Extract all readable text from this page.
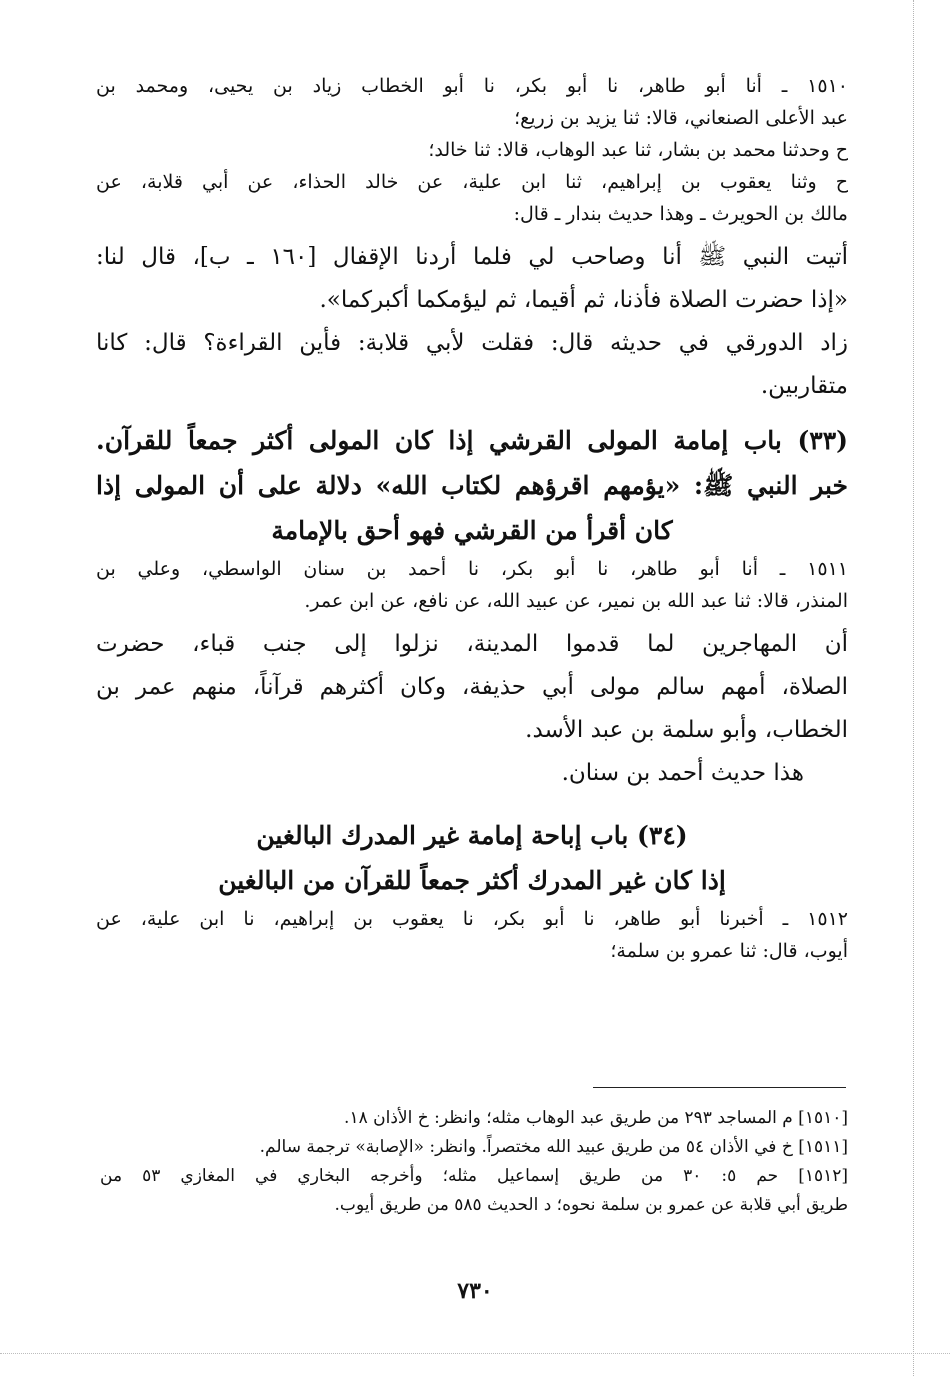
١٥١٠ ـ أنا أبو طاهر، نا أبو بكر، نا أبو الخطاب زياد بن يحيى، ومحمد بن
عبد الأعلى الصنعاني، قالا: ثنا يزيد بن زريع؛
ح وحدثنا محمد بن بشار، ثنا عبد الوهاب، قالا: ثنا خالد؛
ح وثنا يعقوب بن إبراهيم، ثنا ابن علية، عن خالد الحذاء، عن أبي قلابة، عن
مالك بن الحويرث ـ وهذا حديث بندار ـ قال:
أتيت النبي ﷺ أنا وصاحب لي فلما أردنا الإقفال [١٦٠ ـ ب]، قال لنا:
«إذا حضرت الصلاة فأذنا، ثم أقيما، ثم ليؤمكما أكبركما».
زاد الدورقي في حديثه قال: فقلت لأبي قلابة: فأين القراءة؟ قال: كانا
متقاربين.
(٣٣) باب إمامة المولى القرشي إذا كان المولى أكثر جمعاً للقرآن.
خبر النبي ﷺ: «يؤمهم اقرؤهم لكتاب الله» دلالة على أن المولى إذا
كان أقرأ من القرشي فهو أحق بالإمامة
١٥١١ ـ أنا أبو طاهر، نا أبو بكر، نا أحمد بن سنان الواسطي، وعلي بن
المنذر، قالا: ثنا عبد الله بن نمير، عن عبيد الله، عن نافع، عن ابن عمر.
أن المهاجرين لما قدموا المدينة، نزلوا إلى جنب قباء، حضرت
الصلاة، أمهم سالم مولى أبي حذيفة، وكان أكثرهم قرآناً، منهم عمر بن
الخطاب، وأبو سلمة بن عبد الأسد.
هذا حديث أحمد بن سنان.
(٣٤) باب إباحة إمامة غير المدرك البالغين
إذا كان غير المدرك أكثر جمعاً للقرآن من البالغين
١٥١٢ ـ أخبرنا أبو طاهر، نا أبو بكر، نا يعقوب بن إبراهيم، نا ابن علية، عن
أيوب، قال: ثنا عمرو بن سلمة؛
[١٥١٠] م المساجد ٢٩٣ من طريق عبد الوهاب مثله؛ وانظر: خ الأذان ١٨.
[١٥١١] خ في الأذان ٥٤ من طريق عبيد الله مختصراً. وانظر: «الإصابة» ترجمة سالم.
[١٥١٢] حم ٥: ٣٠ من طريق إسماعيل مثله؛ وأخرجه البخاري في المغازي ٥٣ من
طريق أبي قلابة عن عمرو بن سلمة نحوه؛ د الحديث ٥٨٥ من طريق أيوب.
٧٣٠
